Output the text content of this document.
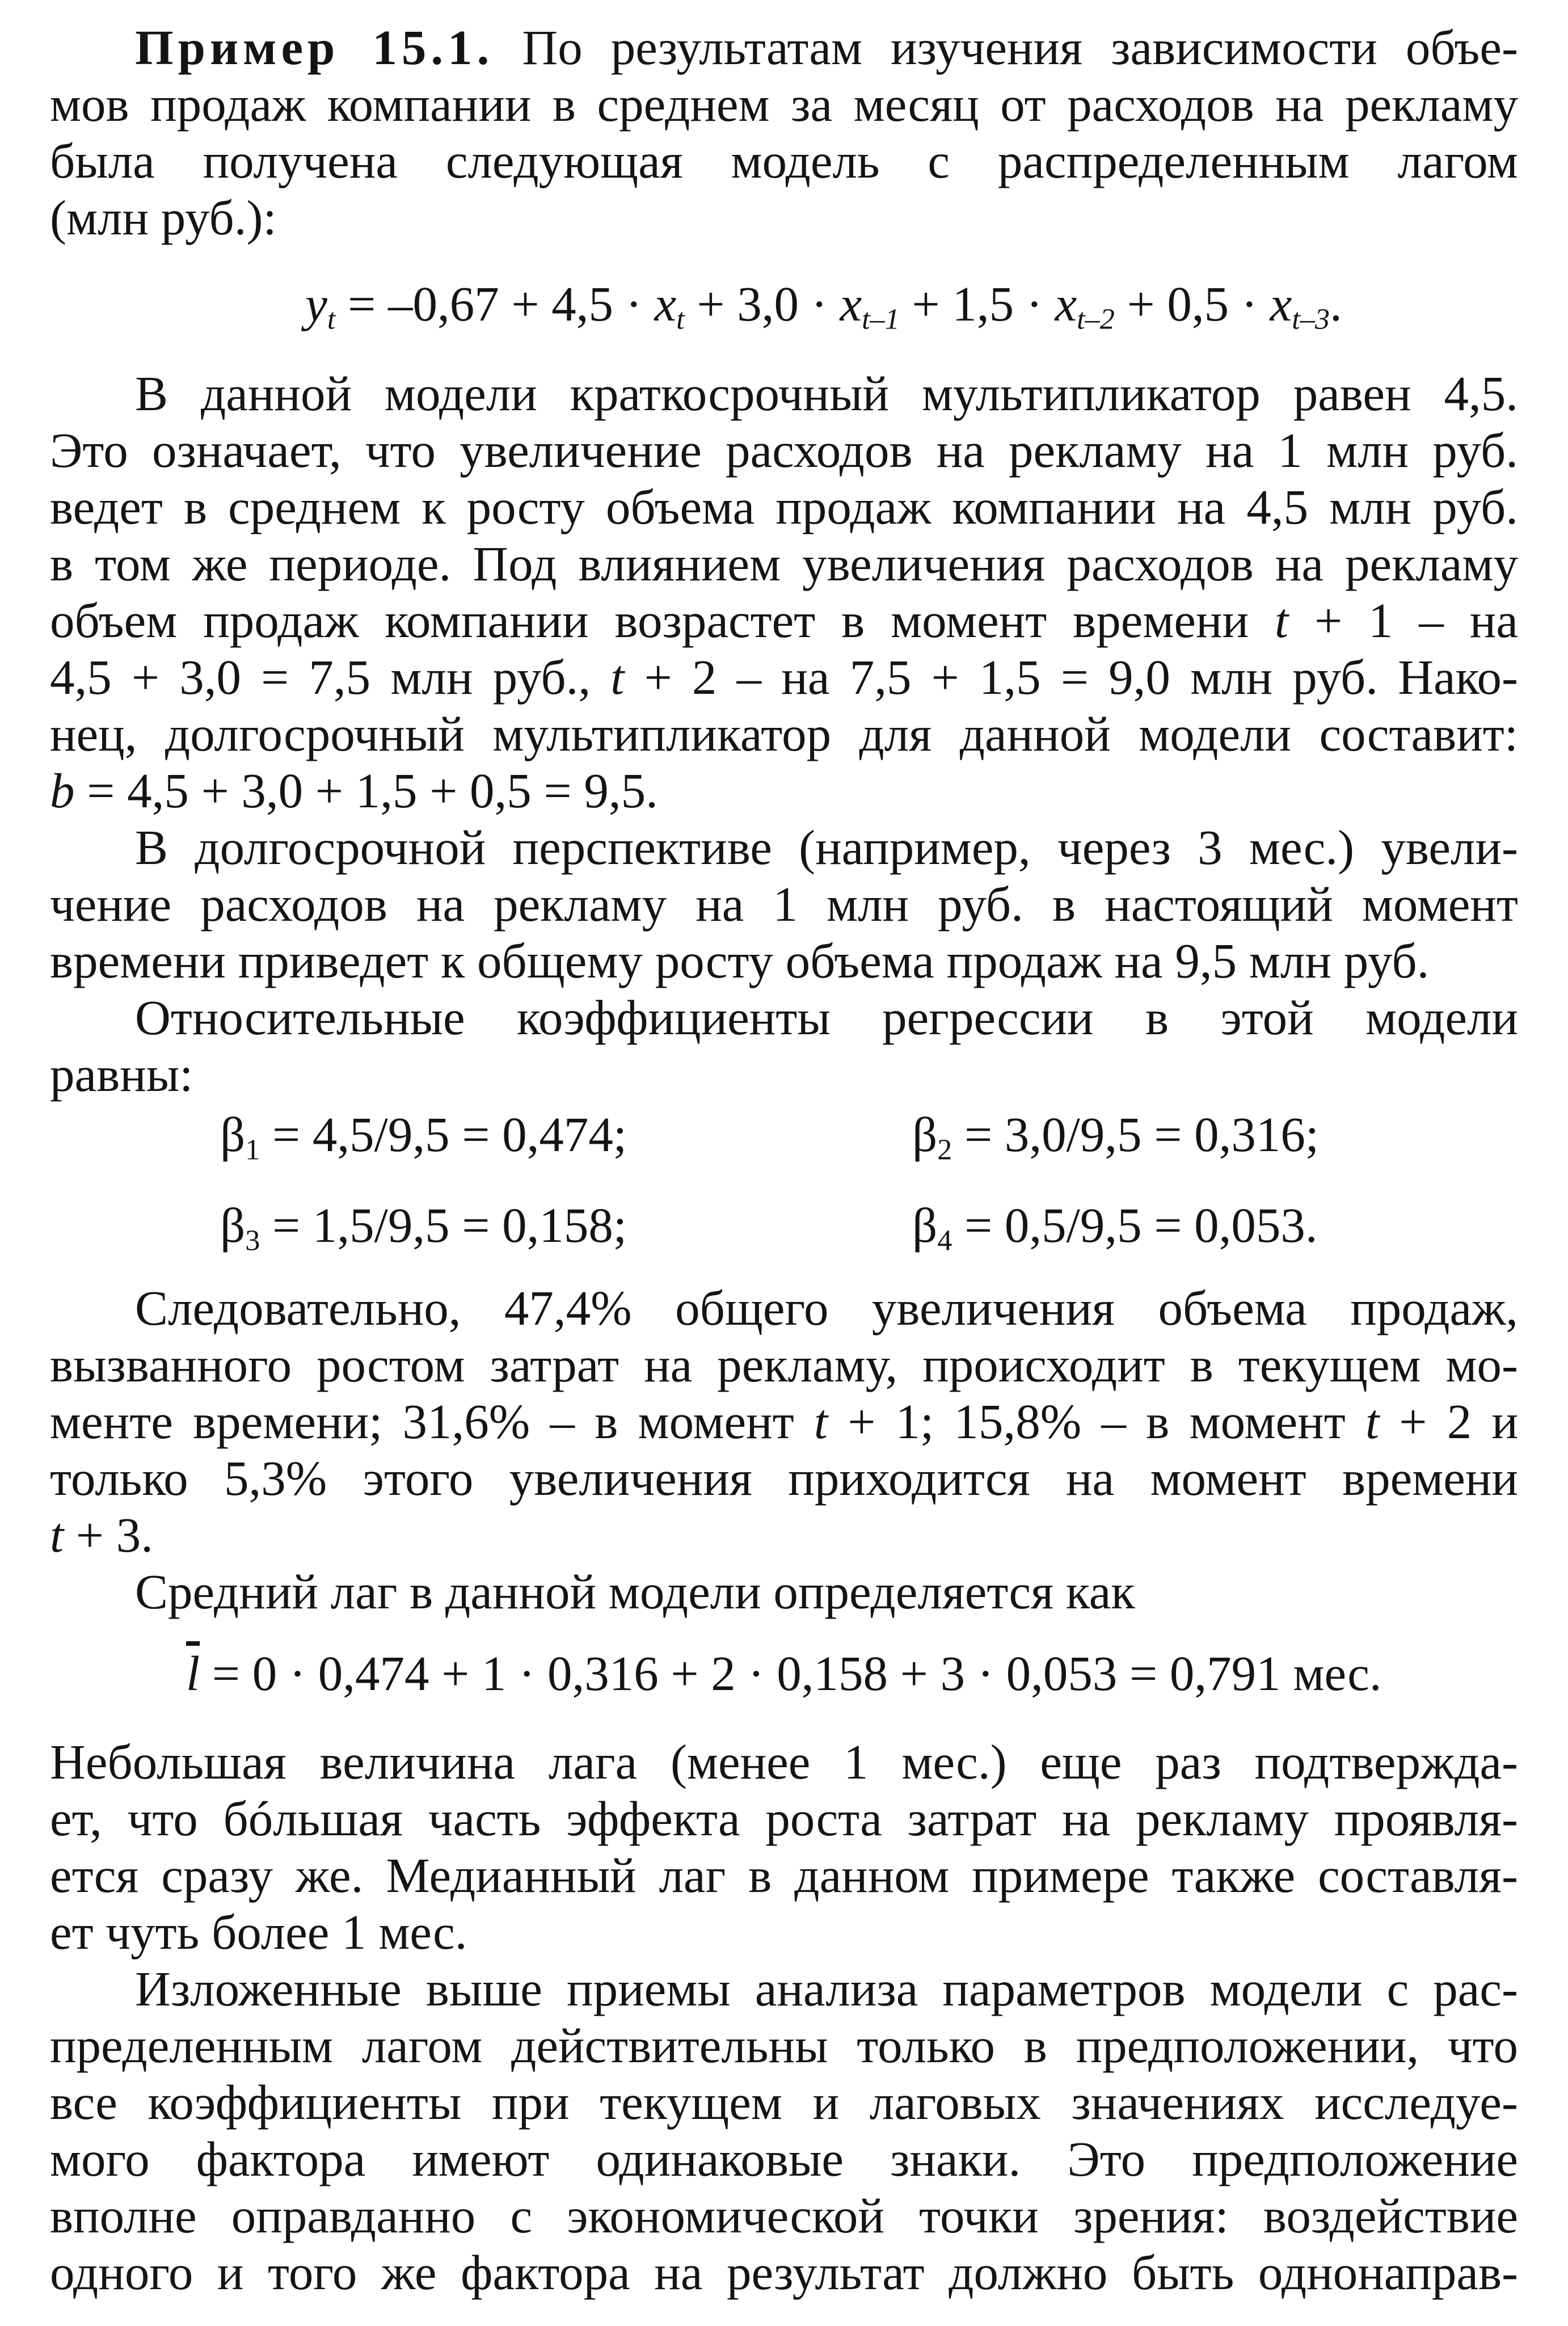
Пример 15.1. По результатам изучения зависимости объе-

мов продаж компании в среднем за месяц от расходов на рекламу

была получена следующая модель с распределенным лагом

(млн руб.):

$y_t = -0,67 + 4,5 \cdot x_t + 3,0 \cdot x_{t-1} + 1,5 \cdot x_{t-2} + 0,5 \cdot x_{t-3}$.

В данной модели краткосрочный мультипликатор равен 4,5.

Это означает, что увеличение расходов на рекламу на 1 млн руб.

ведет в среднем к росту объема продаж компании на 4,5 млн руб.

в том же периоде. Под влиянием увеличения расходов на рекламу

объем продаж компании возрастет в момент времени t + 1 – на

4,5 + 3,0 = 7,5 млн руб., t + 2 – на 7,5 + 1,5 = 9,0 млн руб. Нако-

нец, долгосрочный мультипликатор для данной модели составит:

b = 4,5 + 3,0 + 1,5 + 0,5 = 9,5.

В долгосрочной перспективе (например, через 3 мес.) увели-

чение расходов на рекламу на 1 млн руб. в настоящий момент

времени приведет к общему росту объема продаж на 9,5 млн руб.

Относительные коэффициенты регрессии в этой модели

равны:

$\beta_1 = 4,5/9,5 = 0,474$;	$\beta_2 = 3,0/9,5 = 0,316$;
$\beta_3 = 1,5/9,5 = 0,158$;	$\beta_4 = 0,5/9,5 = 0,053$.

Следовательно, 47,4% общего увеличения объема продаж,

вызванного ростом затрат на рекламу, происходит в текущем мо-

менте времени; 31,6% – в момент t + 1; 15,8% – в момент t + 2 и

только 5,3% этого увеличения приходится на момент времени

t + 3.

Средний лаг в данной модели определяется как

$\overline{l} = 0 \cdot 0,474 + 1 \cdot 0,316 + 2 \cdot 0,158 + 3 \cdot 0,053 = 0,791$ мес.

Небольшая величина лага (менее 1 мес.) еще раз подтвержда-

ет, что бóльшая часть эффекта роста затрат на рекламу проявля-

ется сразу же. Медианный лаг в данном примере также составля-

ет чуть более 1 мес.

Изложенные выше приемы анализа параметров модели с рас-

пределенным лагом действительны только в предположении, что

все коэффициенты при текущем и лаговых значениях исследуе-

мого фактора имеют одинаковые знаки. Это предположение

вполне оправданно с экономической точки зрения: воздействие

одного и того же фактора на результат должно быть однонаправ-
